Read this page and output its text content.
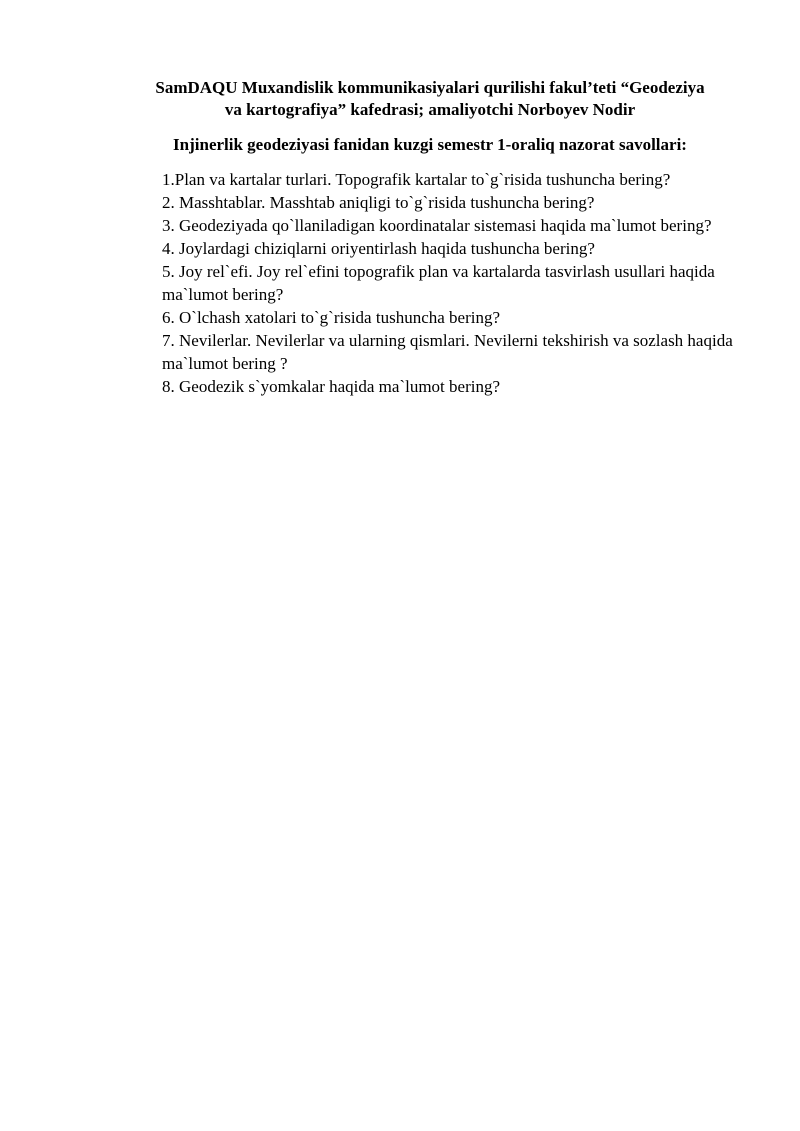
SamDAQU Muxandislik kommunikasiyalari qurilishi fakul’teti “Geodeziya
va kartografiya” kafedrasi; amaliyotchi Norboyev Nodir
Injinerlik geodeziyasi fanidan kuzgi semestr 1-oraliq nazorat savollari:
1.Plan va kartalar turlari. Topografik kartalar to`g`risida tushuncha bering?
2. Masshtablar. Masshtab aniqligi to`g`risida tushuncha bering?
3. Geodeziyada qo`llaniladigan koordinatalar sistemasi haqida ma`lumot bering?
4. Joylardagi chiziqlarni oriyentirlash haqida tushuncha bering?
5. Joy rel`efi. Joy rel`efini topografik plan va kartalarda tasvirlash usullari haqida ma`lumot bering?
6. O`lchash xatolari to`g`risida tushuncha bering?
7. Nevilerlar. Nevilerlar va ularning qismlari. Nevilerni tekshirish va sozlash haqida ma`lumot bering ?
8. Geodezik s`yomkalar haqida ma`lumot bering?
